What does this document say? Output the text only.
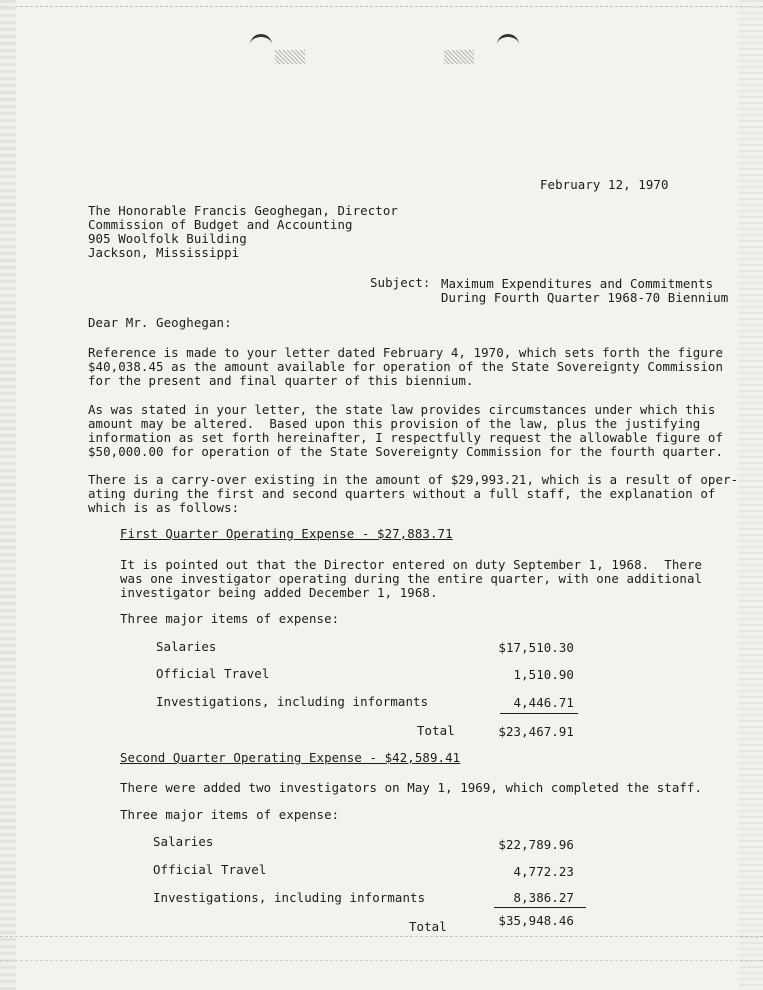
February 12, 1970
The Honorable Francis Geoghegan, Director
Commission of Budget and Accounting
905 Woolfolk Building
Jackson, Mississippi
Subject: Maximum Expenditures and Commitments
During Fourth Quarter 1968-70 Biennium
Dear Mr. Geoghegan:
Reference is made to your letter dated February 4, 1970, which sets forth the figure
$40,038.45 as the amount available for operation of the State Sovereignty Commission
for the present and final quarter of this biennium.
As was stated in your letter, the state law provides circumstances under which this
amount may be altered.  Based upon this provision of the law, plus the justifying
information as set forth hereinafter, I respectfully request the allowable figure of
$50,000.00 for operation of the State Sovereignty Commission for the fourth quarter.
There is a carry-over existing in the amount of $29,993.21, which is a result of oper-
ating during the first and second quarters without a full staff, the explanation of
which is as follows:
First Quarter Operating Expense - $27,883.71
It is pointed out that the Director entered on duty September 1, 1968.  There
was one investigator operating during the entire quarter, with one additional
investigator being added December 1, 1968.
Three major items of expense:
Salaries	$17,510.30
Official Travel	1,510.90
Investigations, including informants	4,446.71
Total	$23,467.91
Second Quarter Operating Expense - $42,589.41
There were added two investigators on May 1, 1969, which completed the staff.
Three major items of expense:
Salaries	$22,789.96
Official Travel	4,772.23
Investigations, including informants	8,386.27
Total	$35,948.46
